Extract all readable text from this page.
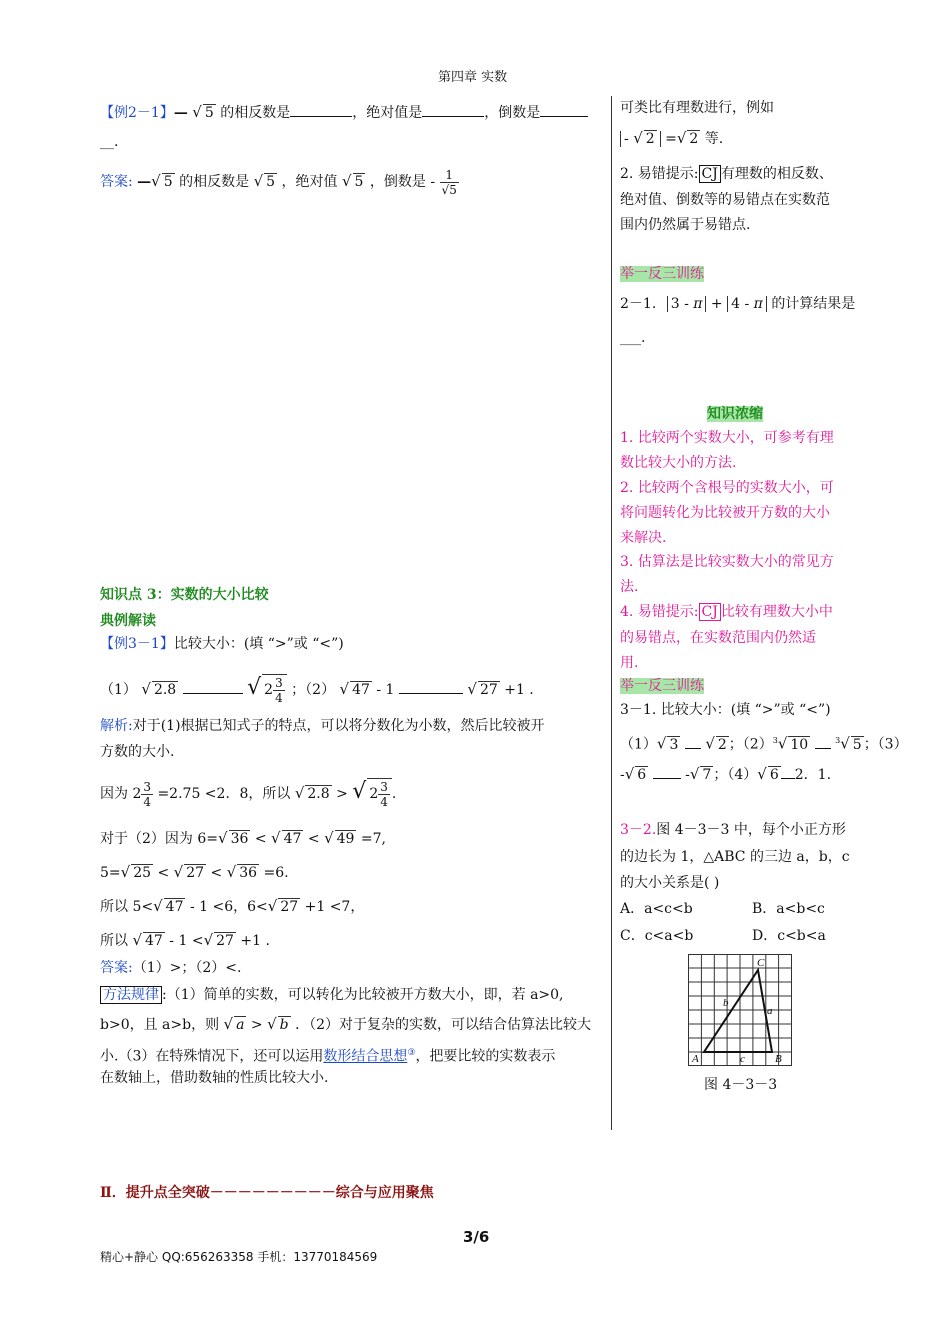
第四章 实数
【例2－1】— √ 5 的相反数是	，绝对值是	，倒数是
__.
答案: —√ 5 的相反数是 √ 5 ，绝对值 √ 5 ，倒数是 - $\frac{1}{√5}$
知识点 3：实数的大小比较
典例解读
【例3－1】比较大小：(填 “>”或 “<”)
（1） √ 2.8	√ $2 \frac{3}{4}$ ；（2） √ 47 - 1	√ 27 +1 .
解析:对于(1)根据已知式子的特点，可以将分数化为小数，然后比较被开
方数的大小.
因为 $2 \frac{3}{4} =2.75 <2$．8，所以 √ 2.8 > √ $2 \frac{3}{4}$ .
对于（2）因为 6=√ 36 < √ 47 < √ 49 =7,
5=√ 25 < √ 27 < √ 36 =6.
所以 5<√ 47 - 1 <6，6<√ 27 +1 <7，
所以 √ 47 - 1 <√ 27 +1 .
答案:（1）>；（2）<.
方法规律 :（1）简单的实数，可以转化为比较被开方数大小，即，若 a>0,
b>0，且 a>b，则 √ a > √ b ．（2）对于复杂的实数，可以结合估算法比较大
小.（3）在特殊情况下，还可以运用数形结合思想③，把要比较的实数表示
在数轴上，借助数轴的性质比较大小.
可类比有理数进行，例如
- √ 2 =√ 2 等.
2. 易错提示: CJ 有理数的相反数、
绝对值、倒数等的易错点在实数范
围内仍然属于易错点.
举一反三训练
2－1. 3 - π + 4 - π 的计算结果是
___.
知识浓缩
1. 比较两个实数大小，可参考有理
数比较大小的方法.
2. 比较两个含根号的实数大小，可
将问题转化为比较被开方数的大小
来解决.
3. 估算法是比较实数大小的常见方
法.
4. 易错提示: CJ 比较有理数大小中
的易错点，在实数范围内仍然适
用.
举一反三训练
3－1. 比较大小：(填 “>”或 “<”)
（1）√ 3 √ 2 ；$(2)^3√$ 10	$^3$√ 5 ；（3）
-√ 6	-√ 7 ；（4）√ 6 2．1.
3－2.图 4－3－3 中，每个小正方形
的边长为 1，△ABC 的三边 a，b，c
的大小关系是( )
A．a<c<b	B．a<b<c
C．c<a<b	D．c<b<a
A	B
C
a
b
c
图 4－3－3
Ⅱ．提升点全突破－－－－－－－－－综合与应用聚焦
3/6
精心+静心 QQ:656263358 手机：13770184569
